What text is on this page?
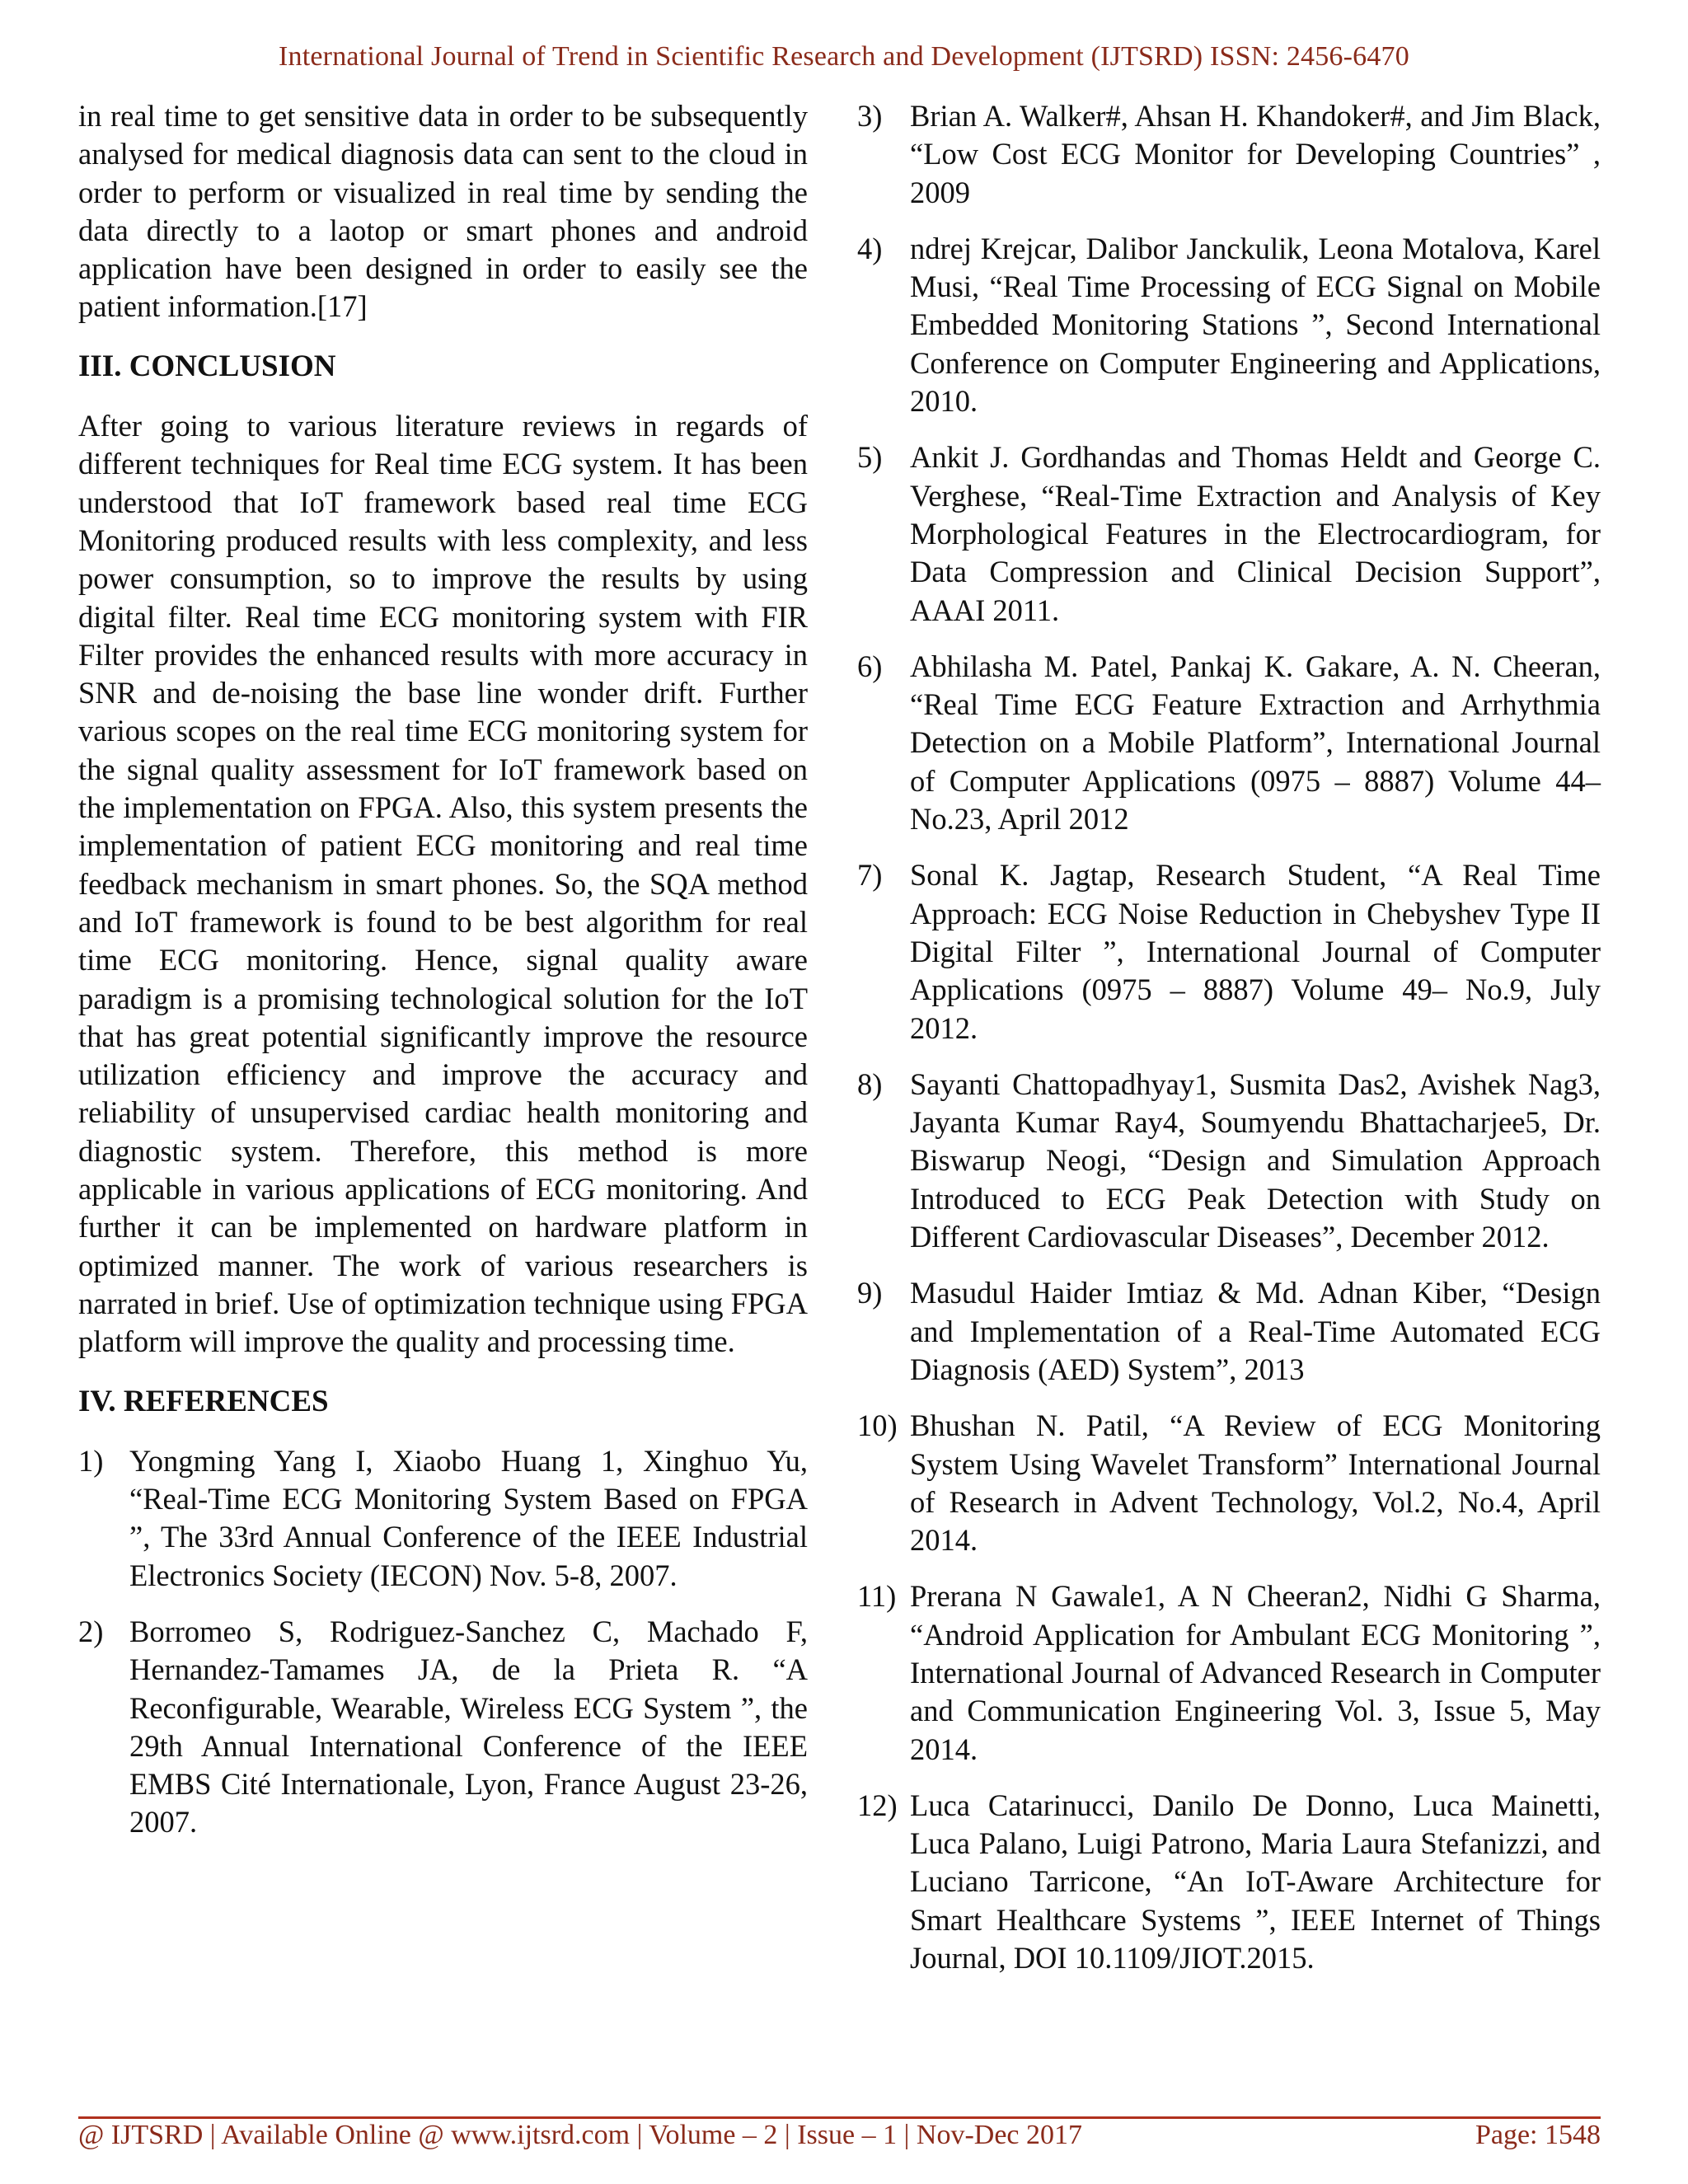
International Journal of Trend in Scientific Research and Development (IJTSRD) ISSN: 2456-6470

in real time to get sensitive data in order to be subsequently analysed for medical diagnosis data can sent to the cloud in order to perform or visualized in real time by sending the data directly to a laotop or smart phones and android application have been designed in order to easily see the patient information.[17]

III. CONCLUSION

After going to various literature reviews in regards of different techniques for Real time ECG system. It has been understood that IoT framework based real time ECG Monitoring produced results with less complexity, and less power consumption, so to improve the results by using digital filter. Real time ECG monitoring system with FIR Filter provides the enhanced results with more accuracy in SNR and de-noising the base line wonder drift. Further various scopes on the real time ECG monitoring system for the signal quality assessment for IoT framework based on the implementation on FPGA. Also, this system presents the implementation of patient ECG monitoring and real time feedback mechanism in smart phones. So, the SQA method and IoT framework is found to be best algorithm for real time ECG monitoring. Hence, signal quality aware paradigm is a promising technological solution for the IoT that has great potential significantly improve the resource utilization efficiency and improve the accuracy and reliability of unsupervised cardiac health monitoring and diagnostic system. Therefore, this method is more applicable in various applications of ECG monitoring. And further it can be implemented on hardware platform in optimized manner. The work of various researchers is narrated in brief. Use of optimization technique using FPGA platform will improve the quality and processing time.

IV. REFERENCES
1) Yongming Yang I, Xiaobo Huang 1, Xinghuo Yu, “Real-Time ECG Monitoring System Based on FPGA ”, The 33rd Annual Conference of the IEEE Industrial Electronics Society (IECON) Nov. 5-8, 2007.
2) Borromeo S, Rodriguez-Sanchez C, Machado F, Hernandez-Tamames JA, de la Prieta R. “A Reconfigurable, Wearable, Wireless ECG System ”, the 29th Annual International Conference of the IEEE EMBS Cité Internationale, Lyon, France August 23-26, 2007.
3) Brian A. Walker#, Ahsan H. Khandoker#, and Jim Black, “Low Cost ECG Monitor for Developing Countries” , 2009
4) ndrej Krejcar, Dalibor Janckulik, Leona Motalova, Karel Musi, “Real Time Processing of ECG Signal on Mobile Embedded Monitoring Stations ”, Second International Conference on Computer Engineering and Applications, 2010.
5) Ankit J. Gordhandas and Thomas Heldt and George C. Verghese, “Real-Time Extraction and Analysis of Key Morphological Features in the Electrocardiogram, for Data Compression and Clinical Decision Support”, AAAI 2011.
6) Abhilasha M. Patel, Pankaj K. Gakare, A. N. Cheeran, “Real Time ECG Feature Extraction and Arrhythmia Detection on a Mobile Platform”, International Journal of Computer Applications (0975 – 8887) Volume 44– No.23, April 2012
7) Sonal K. Jagtap, Research Student, “A Real Time Approach: ECG Noise Reduction in Chebyshev Type II Digital Filter ”, International Journal of Computer Applications (0975 – 8887) Volume 49– No.9, July 2012.
8) Sayanti Chattopadhyay1, Susmita Das2, Avishek Nag3, Jayanta Kumar Ray4, Soumyendu Bhattacharjee5, Dr. Biswarup Neogi, “Design and Simulation Approach Introduced to ECG Peak Detection with Study on Different Cardiovascular Diseases”, December 2012.
9) Masudul Haider Imtiaz & Md. Adnan Kiber, “Design and Implementation of a Real-Time Automated ECG Diagnosis (AED) System”, 2013
10) Bhushan N. Patil, “A Review of ECG Monitoring System Using Wavelet Transform” International Journal of Research in Advent Technology, Vol.2, No.4, April 2014.
11) Prerana N Gawale1, A N Cheeran2, Nidhi G Sharma, “Android Application for Ambulant ECG Monitoring ”, International Journal of Advanced Research in Computer and Communication Engineering Vol. 3, Issue 5, May 2014.
12) Luca Catarinucci, Danilo De Donno, Luca Mainetti, Luca Palano, Luigi Patrono, Maria Laura Stefanizzi, and Luciano Tarricone, “An IoT-Aware Architecture for Smart Healthcare Systems ”, IEEE Internet of Things Journal, DOI 10.1109/JIOT.2015.
@ IJTSRD | Available Online @ www.ijtsrd.com | Volume – 2 | Issue – 1 | Nov-Dec 2017	Page: 1548
